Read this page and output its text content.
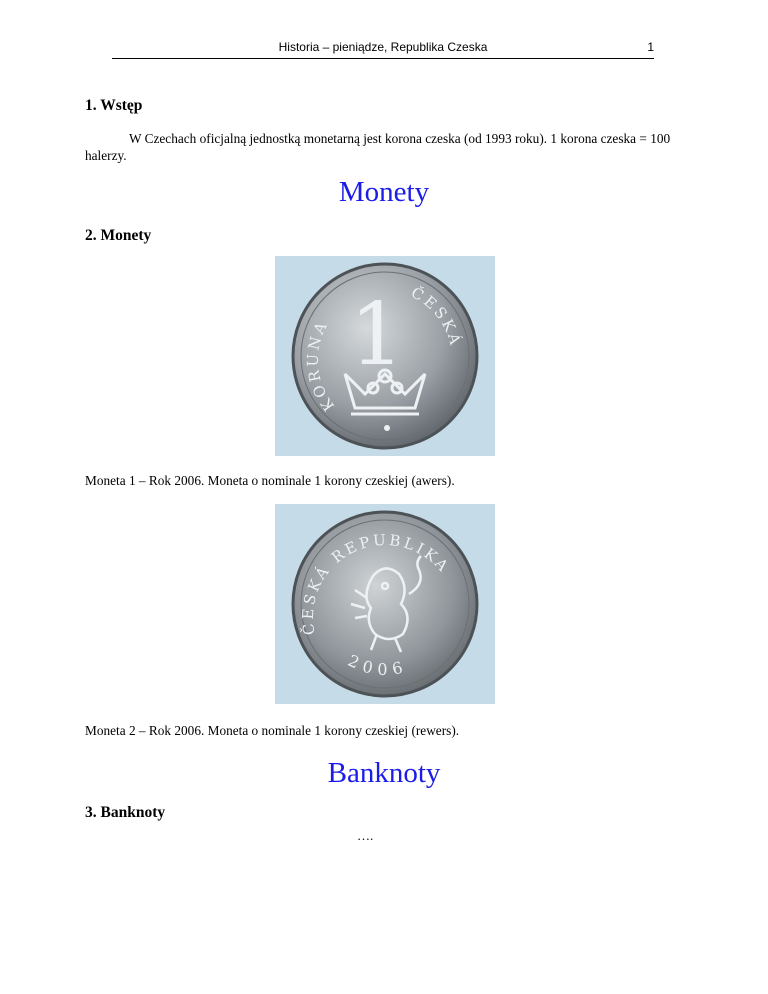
Historia – pieniądze, Republika Czeska	1
1. Wstęp
W Czechach oficjalną jednostką monetarną jest korona czeska (od 1993 roku). 1 korona czeska = 100 halerzy.
Monety
2. Monety
KORUNA
ČESKÁ
1
Moneta 1 – Rok 2006. Moneta o nominale 1 korony czeskiej (awers).
ČESKÁ REPUBLIKA
2006
Moneta 2 – Rok 2006. Moneta o nominale 1 korony czeskiej (rewers).
Banknoty
3. Banknoty
….
